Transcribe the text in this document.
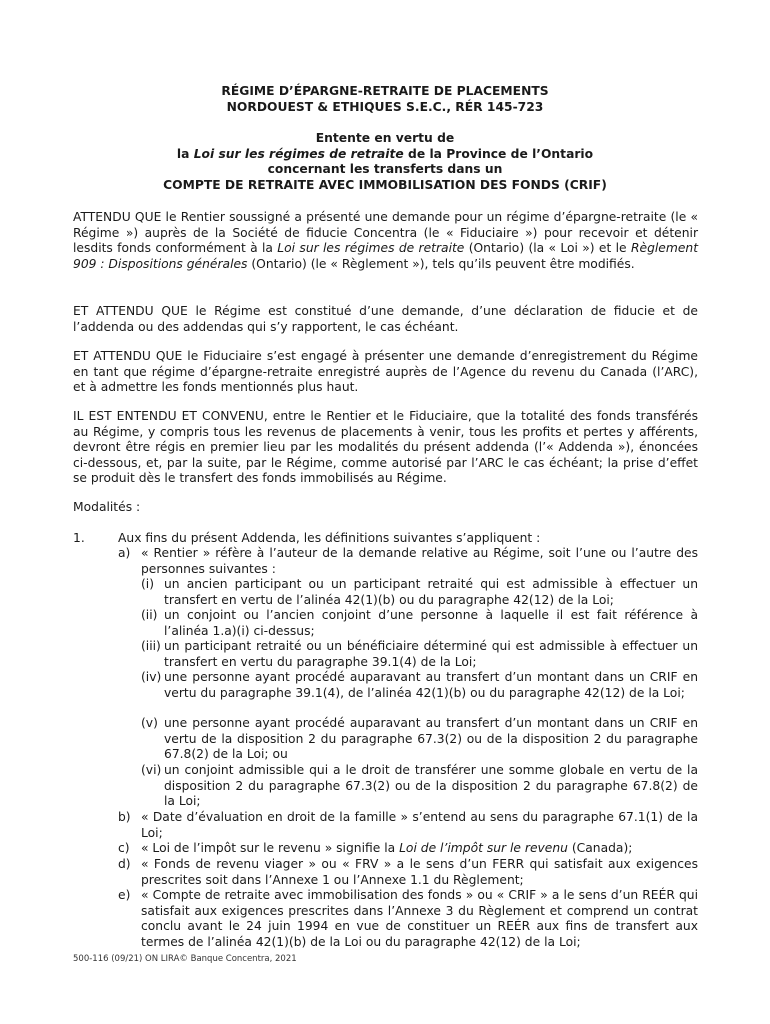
RÉGIME D’ÉPARGNE-RETRAITE DE PLACEMENTS
NORDOUEST & ETHIQUES S.E.C., RÉR 145-723
Entente en vertu de
la Loi sur les régimes de retraite de la Province de l’Ontario
concernant les transferts dans un
COMPTE DE RETRAITE AVEC IMMOBILISATION DES FONDS (CRIF)
ATTENDU QUE le Rentier soussigné a présenté une demande pour un régime d’épargne-retraite (le « Régime ») auprès de la Société de fiducie Concentra (le « Fiduciaire ») pour recevoir et détenir lesdits fonds conformément à la Loi sur les régimes de retraite (Ontario) (la « Loi ») et le Règlement 909 : Dispositions générales (Ontario) (le « Règlement »), tels qu’ils peuvent être modifiés.
ET ATTENDU QUE le Régime est constitué d’une demande, d’une déclaration de fiducie et de l’addenda ou des addendas qui s’y rapportent, le cas échéant.
ET ATTENDU QUE le Fiduciaire s’est engagé à présenter une demande d’enregistrement du Régime en tant que régime d’épargne-retraite enregistré auprès de l’Agence du revenu du Canada (l’ARC), et à admettre les fonds mentionnés plus haut.
IL EST ENTENDU ET CONVENU, entre le Rentier et le Fiduciaire, que la totalité des fonds transférés au Régime, y compris tous les revenus de placements à venir, tous les profits et pertes y afférents, devront être régis en premier lieu par les modalités du présent addenda (l’« Addenda »), énoncées ci-dessous, et, par la suite, par le Régime, comme autorisé par l’ARC le cas échéant; la prise d’effet se produit dès le transfert des fonds immobilisés au Régime.
Modalités :
1.	Aux fins du présent Addenda, les définitions suivantes s’appliquent :
a) « Rentier » réfère à l’auteur de la demande relative au Régime, soit l’une ou l’autre des personnes suivantes :
(i) un ancien participant ou un participant retraité qui est admissible à effectuer un transfert en vertu de l’alinéa 42(1)(b) ou du paragraphe 42(12) de la Loi;
(ii) un conjoint ou l’ancien conjoint d’une personne à laquelle il est fait référence à l’alinéa 1.a)(i) ci-dessus;
(iii) un participant retraité ou un bénéficiaire déterminé qui est admissible à effectuer un transfert en vertu du paragraphe 39.1(4) de la Loi;
(iv) une personne ayant procédé auparavant au transfert d’un montant dans un CRIF en vertu du paragraphe 39.1(4), de l’alinéa 42(1)(b) ou du paragraphe 42(12) de la Loi;
(v) une personne ayant procédé auparavant au transfert d’un montant dans un CRIF en vertu de la disposition 2 du paragraphe 67.3(2) ou de la disposition 2 du paragraphe 67.8(2) de la Loi; ou
(vi) un conjoint admissible qui a le droit de transférer une somme globale en vertu de la disposition 2 du paragraphe 67.3(2) ou de la disposition 2 du paragraphe 67.8(2) de la Loi;
b) « Date d’évaluation en droit de la famille » s’entend au sens du paragraphe 67.1(1) de la Loi;
c) « Loi de l’impôt sur le revenu » signifie la Loi de l’impôt sur le revenu (Canada);
d) « Fonds de revenu viager » ou « FRV » a le sens d’un FERR qui satisfait aux exigences prescrites soit dans l’Annexe 1 ou l’Annexe 1.1 du Règlement;
e) « Compte de retraite avec immobilisation des fonds » ou « CRIF » a le sens d’un REÉR qui satisfait aux exigences prescrites dans l’Annexe 3 du Règlement et comprend un contrat conclu avant le 24 juin 1994 en vue de constituer un REÉR aux fins de transfert aux termes de l’alinéa 42(1)(b) de la Loi ou du paragraphe 42(12) de la Loi;
500-116 (09/21) ON LIRA© Banque Concentra, 2021
